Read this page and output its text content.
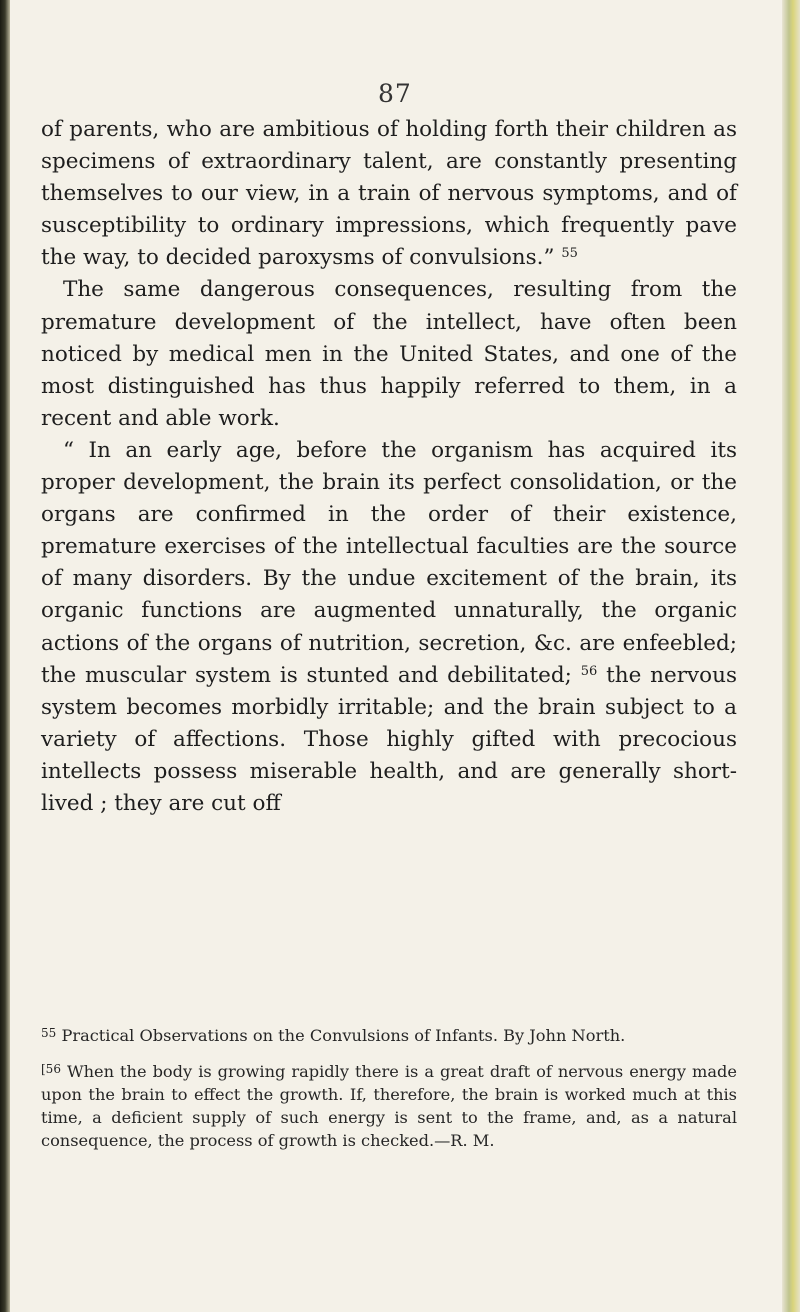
87

of parents, who are ambitious of holding forth their children as specimens of extraordinary talent, are constantly presenting themselves to our view, in a train of nervous symptoms, and of susceptibility to ordinary impressions, which frequently pave the way, to decided paroxysms of convulsions.” $^{55}$

The same dangerous consequences, resulting from the premature development of the intellect, have often been noticed by medical men in the United States, and one of the most distinguished has thus happily referred to them, in a recent and able work.

“ In an early age, before the organism has acquired its proper development, the brain its perfect consolidation, or the organs are confirmed in the order of their existence, premature exercises of the intellectual faculties are the source of many disorders. By the undue excitement of the brain, its organic functions are augmented unnaturally, the organic actions of the organs of nutrition, secretion, &c. are enfeebled; the muscular system is stunted and debilitated; $^{56}$ the nervous system becomes morbidly irritable; and the brain subject to a variety of affections. Those highly gifted with precocious intellects possess miserable health, and are generally short-lived ; they are cut off

$^{55}$ Practical Observations on the Convulsions of Infants. By John North.

$^{[56}$ When the body is growing rapidly there is a great draft of nervous energy made upon the brain to effect the growth. If, therefore, the brain is worked much at this time, a deficient supply of such energy is sent to the frame, and, as a natural consequence, the process of growth is checked.—R. M.
